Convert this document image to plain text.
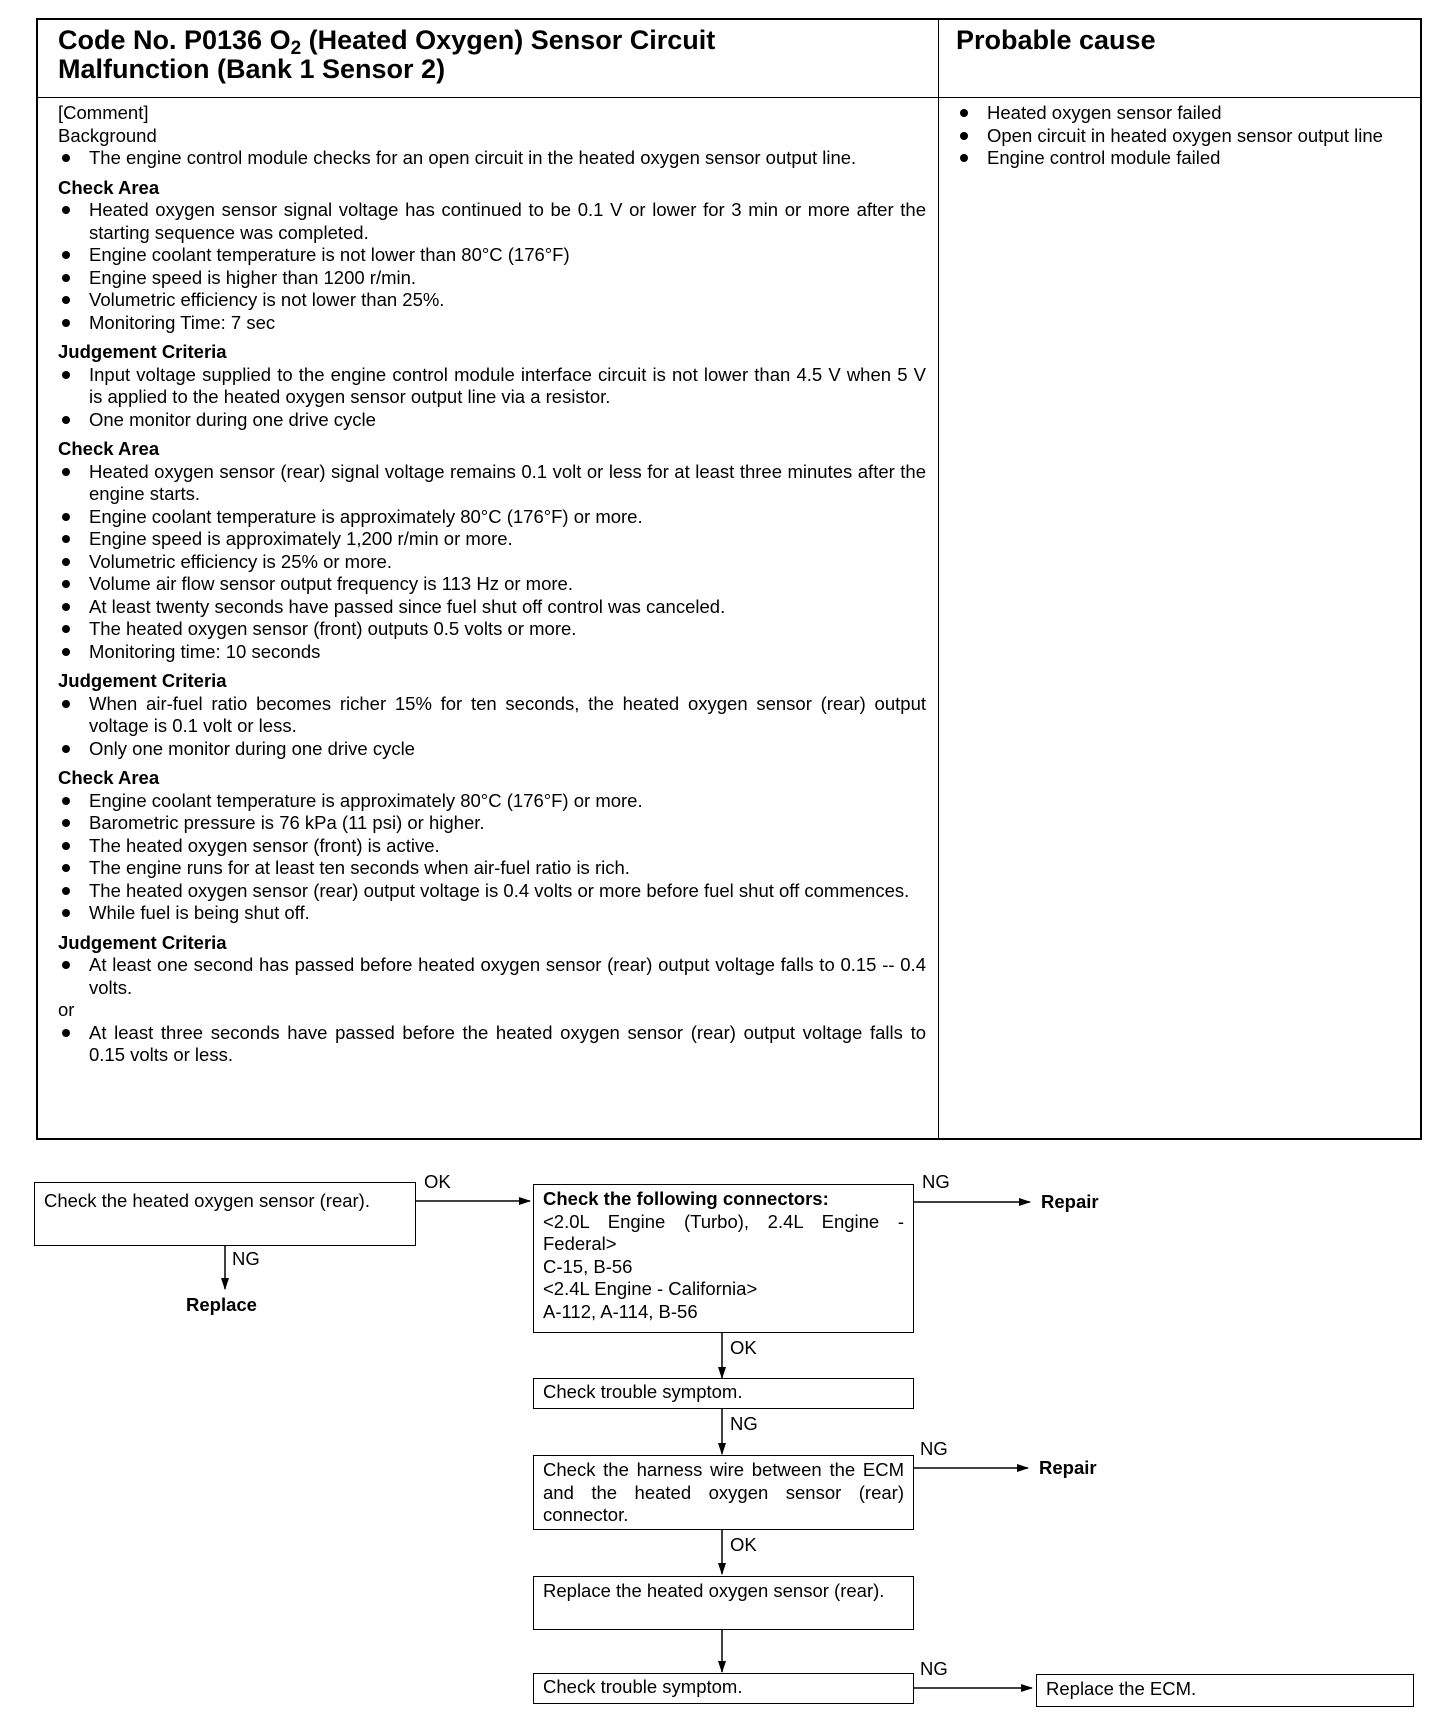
Code No. P0136 $O_2$ (Heated Oxygen) Sensor Circuit
Malfunction (Bank 1 Sensor 2)
Probable cause

[Comment]

Background

The engine control module checks for an open circuit in the heated oxygen sensor output line.
Check Area
Heated oxygen sensor signal voltage has continued to be 0.1 V or lower for 3 min or more after the starting sequence was completed.
Engine coolant temperature is not lower than 80°C (176°F)
Engine speed is higher than 1200 r/min.
Volumetric efficiency is not lower than 25%.
Monitoring Time: 7 sec
Judgement Criteria
Input voltage supplied to the engine control module interface circuit is not lower than 4.5 V when 5 V is applied to the heated oxygen sensor output line via a resistor.
One monitor during one drive cycle
Check Area
Heated oxygen sensor (rear) signal voltage remains 0.1 volt or less for at least three minutes after the engine starts.
Engine coolant temperature is approximately 80°C (176°F) or more.
Engine speed is approximately 1,200 r/min or more.
Volumetric efficiency is 25% or more.
Volume air flow sensor output frequency is 113 Hz or more.
At least twenty seconds have passed since fuel shut off control was canceled.
The heated oxygen sensor (front) outputs 0.5 volts or more.
Monitoring time: 10 seconds
Judgement Criteria
When air-fuel ratio becomes richer 15% for ten seconds, the heated oxygen sensor (rear) output voltage is 0.1 volt or less.
Only one monitor during one drive cycle
Check Area
Engine coolant temperature is approximately 80°C (176°F) or more.
Barometric pressure is 76 kPa (11 psi) or higher.
The heated oxygen sensor (front) is active.
The engine runs for at least ten seconds when air-fuel ratio is rich.
The heated oxygen sensor (rear) output voltage is 0.4 volts or more before fuel shut off commences.
While fuel is being shut off.
Judgement Criteria
At least one second has passed before heated oxygen sensor (rear) output voltage falls to 0.15 -- 0.4 volts.

or

At least three seconds have passed before the heated oxygen sensor (rear) output voltage falls to 0.15 volts or less.
Heated oxygen sensor failed
Open circuit in heated oxygen sensor output line
Engine control module failed
Check the heated oxygen sensor (rear).
OK
NG
Replace
Check the following connectors:
<2.0L Engine (Turbo), 2.4L Engine - Federal>
C-15, B-56
<2.4L Engine - California>
A-112, A-114, B-56
NG
Repair
OK
Check trouble symptom.
NG
Check the harness wire between the ECM and the heated oxygen sensor (rear) connector.
NG
Repair
OK
Replace the heated oxygen sensor (rear).
Check trouble symptom.
NG
Replace the ECM.
